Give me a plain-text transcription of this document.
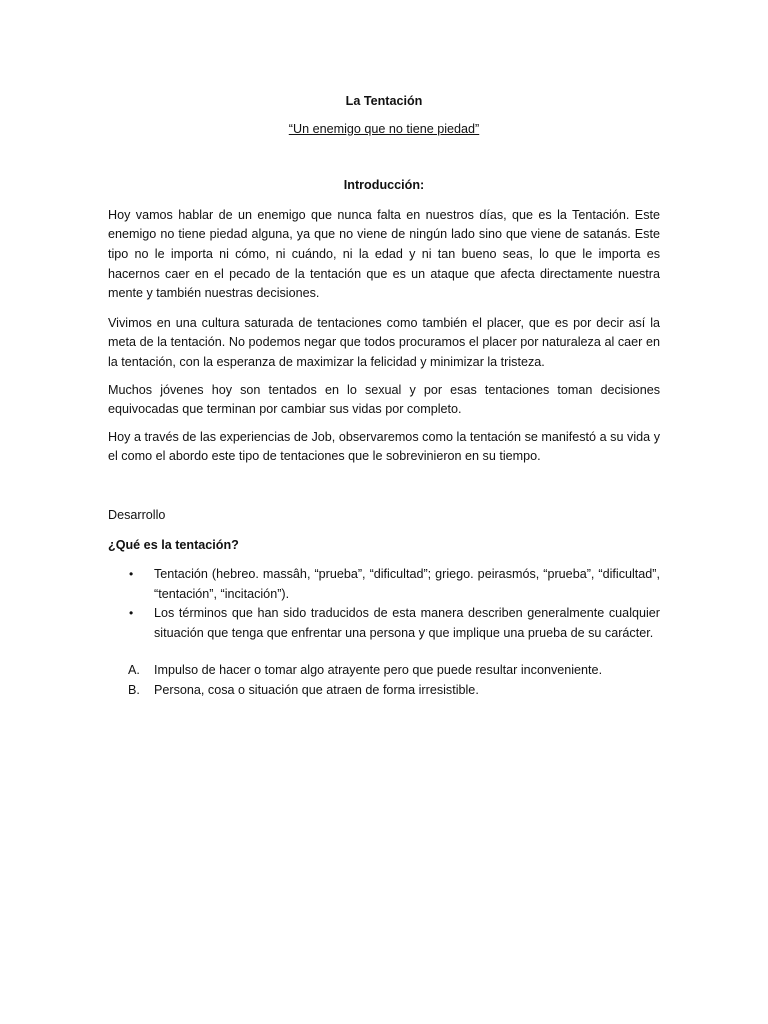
La Tentación

“Un enemigo que no tiene piedad”

Introducción:

Hoy vamos hablar de un enemigo que nunca falta en nuestros días, que es la Tentación. Este enemigo no tiene piedad alguna, ya que no viene de ningún lado sino que viene de satanás. Este tipo no le importa ni cómo, ni cuándo, ni la edad y ni tan bueno seas, lo que le importa es hacernos caer en el pecado de la tentación que es un ataque que afecta directamente nuestra mente y también nuestras decisiones.

Vivimos en una cultura saturada de tentaciones como también el placer, que es por decir así la meta de la tentación. No podemos negar que todos procuramos el placer por naturaleza al caer en la tentación, con la esperanza de maximizar la felicidad y minimizar la tristeza.

Muchos jóvenes hoy son tentados en lo sexual y por esas tentaciones toman decisiones equivocadas que terminan por cambiar sus vidas por completo.

Hoy a través de las experiencias de Job, observaremos como la tentación se manifestó a su vida y el como el abordo este tipo de tentaciones que le sobrevinieron en su tiempo.

Desarrollo

¿Qué es la tentación?

• Tentación (hebreo. massâh, “prueba”, “dificultad”; griego. peirasmós, “prueba”, “dificultad”, “tentación”, “incitación”).
• Los términos que han sido traducidos de esta manera describen generalmente cualquier situación que tenga que enfrentar una persona y que implique una prueba de su carácter.
A. Impulso de hacer o tomar algo atrayente pero que puede resultar inconveniente.
B. Persona, cosa o situación que atraen de forma irresistible.
